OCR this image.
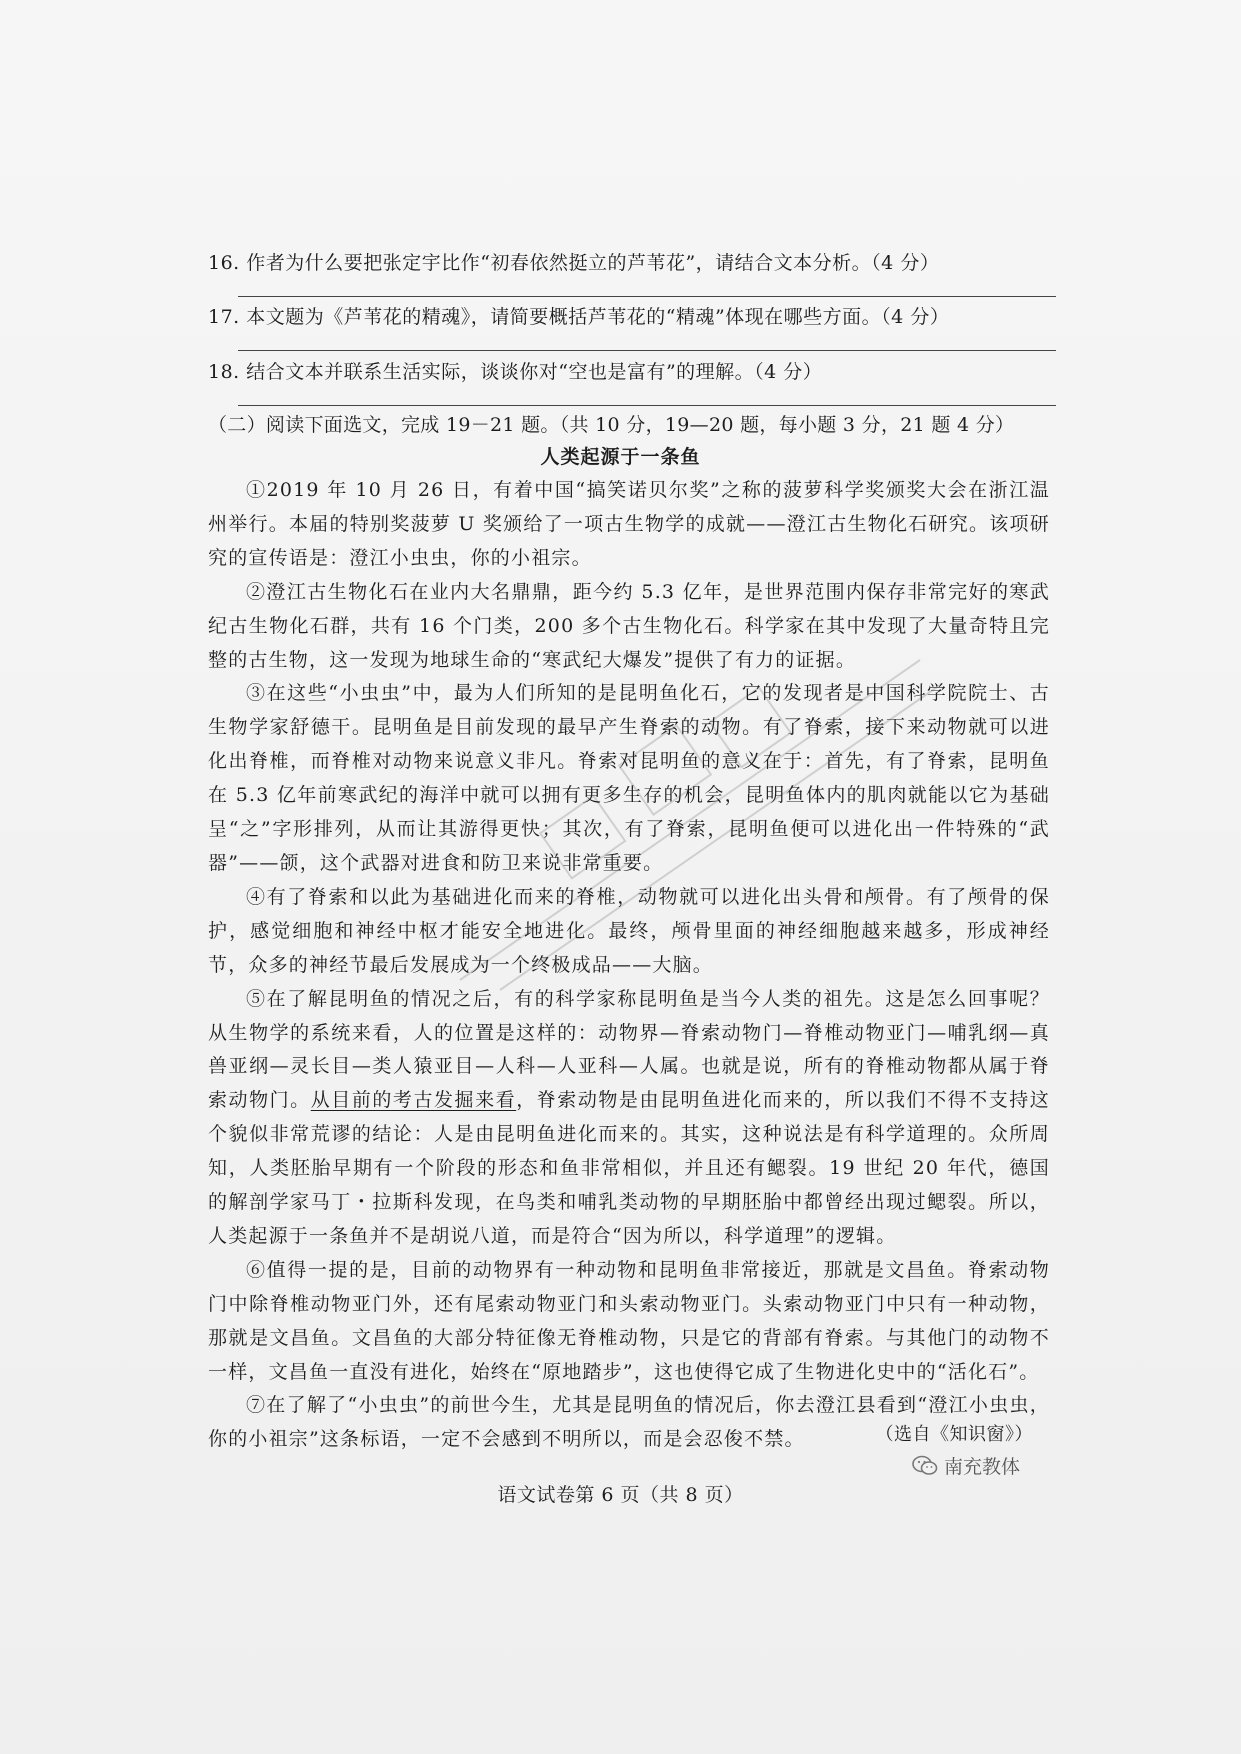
16. 作者为什么要把张定宇比作“初春依然挺立的芦苇花”，请结合文本分析。（4 分）
17. 本文题为《芦苇花的精魂》，请简要概括芦苇花的“精魂”体现在哪些方面。（4 分）
18. 结合文本并联系生活实际，谈谈你对“空也是富有”的理解。（4 分）
（二）阅读下面选文，完成 19－21 题。（共 10 分，19—20 题，每小题 3 分，21 题 4 分）
人类起源于一条鱼

①2019 年 10 月 26 日，有着中国“搞笑诺贝尔奖”之称的菠萝科学奖颁奖大会在浙江温州举行。本届的特别奖菠萝 U 奖颁给了一项古生物学的成就——澄江古生物化石研究。该项研究的宣传语是：澄江小虫虫，你的小祖宗。

②澄江古生物化石在业内大名鼎鼎，距今约 5.3 亿年，是世界范围内保存非常完好的寒武纪古生物化石群，共有 16 个门类，200 多个古生物化石。科学家在其中发现了大量奇特且完整的古生物，这一发现为地球生命的“寒武纪大爆发”提供了有力的证据。

③在这些“小虫虫”中，最为人们所知的是昆明鱼化石，它的发现者是中国科学院院士、古生物学家舒德干。昆明鱼是目前发现的最早产生脊索的动物。有了脊索，接下来动物就可以进化出脊椎，而脊椎对动物来说意义非凡。脊索对昆明鱼的意义在于：首先，有了脊索，昆明鱼在 5.3 亿年前寒武纪的海洋中就可以拥有更多生存的机会，昆明鱼体内的肌肉就能以它为基础呈“之”字形排列，从而让其游得更快；其次，有了脊索，昆明鱼便可以进化出一件特殊的“武器”——颌，这个武器对进食和防卫来说非常重要。

④有了脊索和以此为基础进化而来的脊椎，动物就可以进化出头骨和颅骨。有了颅骨的保护，感觉细胞和神经中枢才能安全地进化。最终，颅骨里面的神经细胞越来越多，形成神经节，众多的神经节最后发展成为一个终极成品——大脑。

⑤在了解昆明鱼的情况之后，有的科学家称昆明鱼是当今人类的祖先。这是怎么回事呢？从生物学的系统来看，人的位置是这样的：动物界—脊索动物门—脊椎动物亚门—哺乳纲—真兽亚纲—灵长目—类人猿亚目—人科—人亚科—人属。也就是说，所有的脊椎动物都从属于脊索动物门。从目前的考古发掘来看，脊索动物是由昆明鱼进化而来的，所以我们不得不支持这个貌似非常荒谬的结论：人是由昆明鱼进化而来的。其实，这种说法是有科学道理的。众所周知，人类胚胎早期有一个阶段的形态和鱼非常相似，并且还有鳃裂。19 世纪 20 年代，德国的解剖学家马丁・拉斯科发现，在鸟类和哺乳类动物的早期胚胎中都曾经出现过鳃裂。所以，人类起源于一条鱼并不是胡说八道，而是符合“因为所以，科学道理”的逻辑。

⑥值得一提的是，目前的动物界有一种动物和昆明鱼非常接近，那就是文昌鱼。脊索动物门中除脊椎动物亚门外，还有尾索动物亚门和头索动物亚门。头索动物亚门中只有一种动物，那就是文昌鱼。文昌鱼的大部分特征像无脊椎动物，只是它的背部有脊索。与其他门的动物不一样，文昌鱼一直没有进化，始终在“原地踏步”，这也使得它成了生物进化史中的“活化石”。

⑦在了解了“小虫虫”的前世今生，尤其是昆明鱼的情况后，你去澄江县看到“澄江小虫虫，你的小祖宗”这条标语，一定不会感到不明所以，而是会忍俊不禁。	（选自《知识窗》）
南充教体
语文试卷第 6 页（共 8 页）
